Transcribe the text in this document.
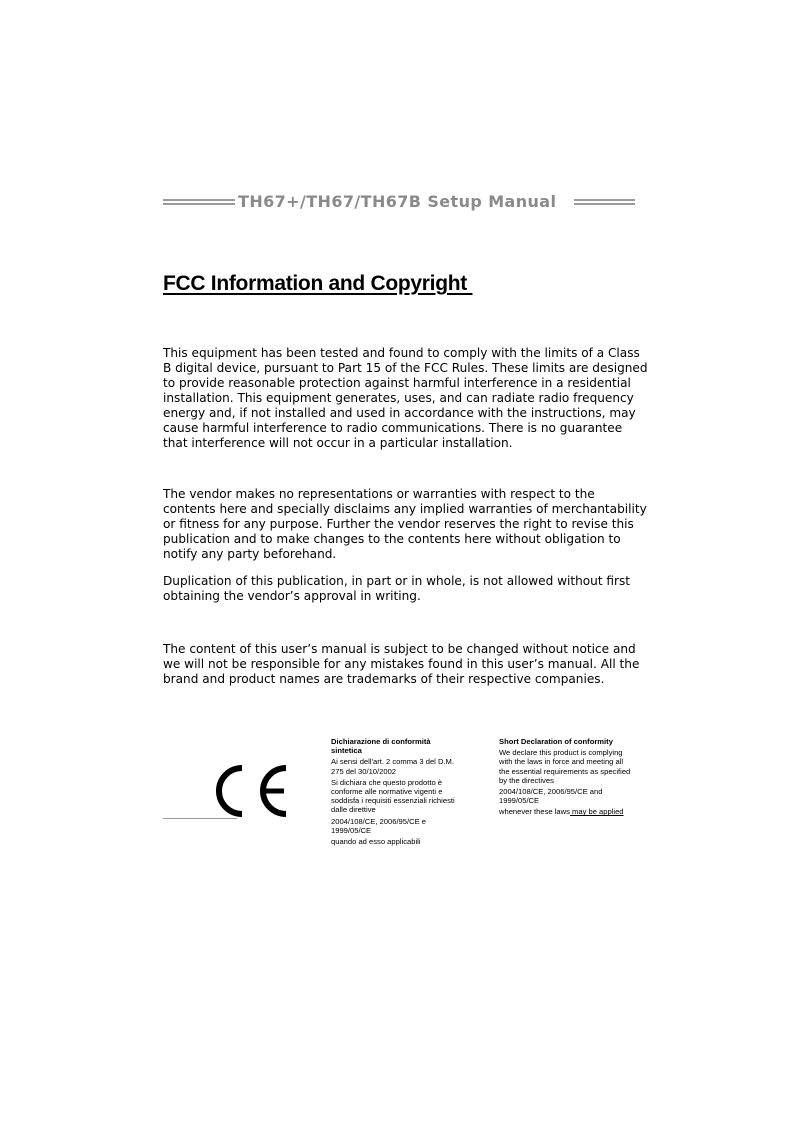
TH67+/TH67/TH67B Setup Manual
FCC Information and Copyright

This equipment has been tested and found to comply with the limits of a Class
B digital device, pursuant to Part 15 of the FCC Rules. These limits are designed
to provide reasonable protection against harmful interference in a residential
installation. This equipment generates, uses, and can radiate radio frequency
energy and, if not installed and used in accordance with the instructions, may
cause harmful interference to radio communications. There is no guarantee
that interference will not occur in a particular installation.

The vendor makes no representations or warranties with respect to the
contents here and specially disclaims any implied warranties of merchantability
or fitness for any purpose. Further the vendor reserves the right to revise this
publication and to make changes to the contents here without obligation to
notify any party beforehand.

Duplication of this publication, in part or in whole, is not allowed without first
obtaining the vendor’s approval in writing.

The content of this user’s manual is subject to be changed without notice and
we will not be responsible for any mistakes found in this user’s manual. All the
brand and product names are trademarks of their respective companies.

Dichiarazione di conformità
sintetica

Ai sensi dell'art. 2 comma 3 del D.M.
275 del 30/10/2002

Si dichiara che questo prodotto è
conforme alle normative vigenti e
soddisfa i requisiti essenziali richiesti
dalle direttive

2004/108/CE, 2006/95/CE e
1999/05/CE

quando ad esso applicabili

Short Declaration of conformity

We declare this product is complying
with the laws in force and meeting all
the essential requirements as specified
by the directives

2004/108/CE, 2006/95/CE and
1999/05/CE

whenever these laws may be applied
